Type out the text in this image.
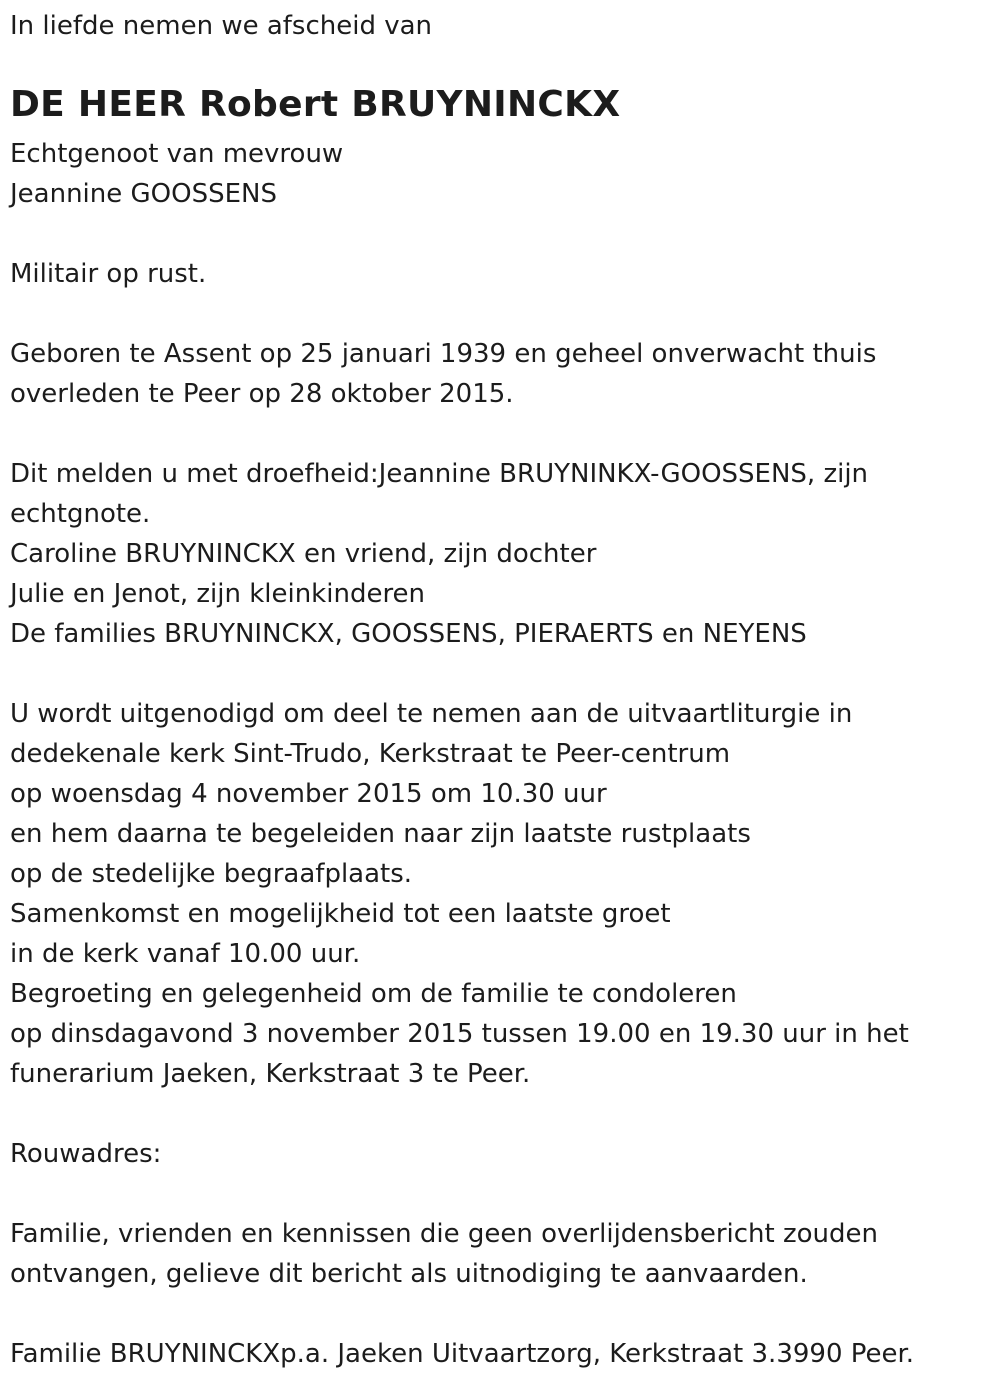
In liefde nemen we afscheid van
DE HEER Robert BRUYNINCKX

Echtgenoot van mevrouw

Jeannine GOOSSENS

Militair op rust.

Geboren te Assent op 25 januari 1939 en geheel onverwacht thuis

overleden te Peer op 28 oktober 2015.

Dit melden u met droefheid:Jeannine BRUYNINKX-GOOSSENS, zijn

echtgnote.

Caroline BRUYNINCKX en vriend, zijn dochter

Julie en Jenot, zijn kleinkinderen

De families BRUYNINCKX, GOOSSENS, PIERAERTS en NEYENS

U wordt uitgenodigd om deel te nemen aan de uitvaartliturgie in

dedekenale kerk Sint-Trudo, Kerkstraat te Peer-centrum

op woensdag 4 november 2015 om 10.30 uur

en hem daarna te begeleiden naar zijn laatste rustplaats

op de stedelijke begraafplaats.

Samenkomst en mogelijkheid tot een laatste groet

in de kerk vanaf 10.00 uur.

Begroeting en gelegenheid om de familie te condoleren

op dinsdagavond 3 november 2015 tussen 19.00 en 19.30 uur in het

funerarium Jaeken, Kerkstraat 3 te Peer.

Rouwadres:

Familie, vrienden en kennissen die geen overlijdensbericht zouden

ontvangen, gelieve dit bericht als uitnodiging te aanvaarden.

Familie BRUYNINCKXp.a. Jaeken Uitvaartzorg, Kerkstraat 3.3990 Peer.
